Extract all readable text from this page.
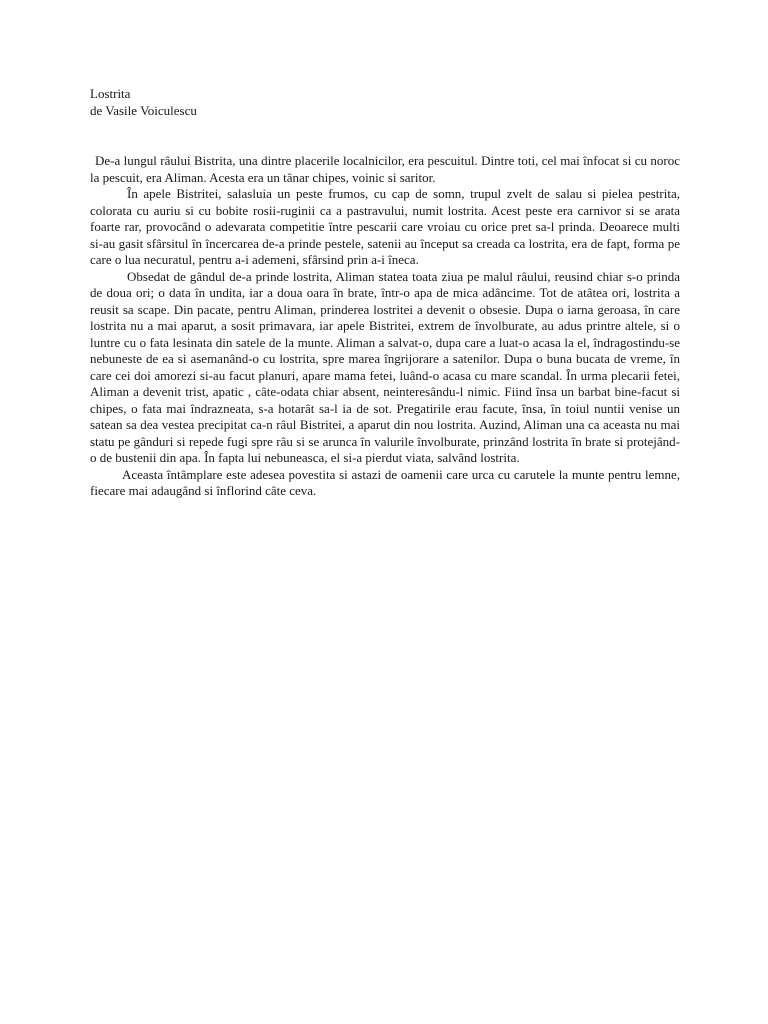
Lostrita
de Vasile Voiculescu

De-a lungul râului Bistrita, una dintre placerile localnicilor, era pescuitul. Dintre toti, cel mai înfocat si cu noroc la pescuit, era Aliman. Acesta era un tânar chipes, voinic si saritor.

În apele Bistritei, salasluia un peste frumos, cu cap de somn, trupul zvelt de salau si pielea pestrita, colorata cu auriu si cu bobite rosii-ruginii ca a pastravului, numit lostrita. Acest peste era carnivor si se arata foarte rar, provocând o adevarata competitie între pescarii care vroiau cu orice pret sa-l prinda. Deoarece multi si-au gasit sfârsitul în încercarea de-a prinde pestele, satenii au început sa creada ca lostrita, era de fapt, forma pe care o lua necuratul, pentru a-i ademeni, sfârsind prin a-i îneca.

Obsedat de gândul de-a prinde lostrita, Aliman statea toata ziua pe malul râului, reusind chiar s-o prinda de doua ori; o data în undita, iar a doua oara în brate, într-o apa de mica adâncime. Tot de atâtea ori, lostrita a reusit sa scape. Din pacate, pentru Aliman, prinderea lostritei a devenit o obsesie. Dupa o iarna geroasa, în care lostrita nu a mai aparut, a sosit primavara, iar apele Bistritei, extrem de învolburate, au adus printre altele, si o luntre cu o fata lesinata din satele de la munte. Aliman a salvat-o, dupa care a luat-o acasa la el, îndragostindu-se nebuneste de ea si asemanând-o cu lostrita, spre marea îngrijorare a satenilor. Dupa o buna bucata de vreme, în care cei doi amorezi si-au facut planuri, apare mama fetei, luând-o acasa cu mare scandal. În urma plecarii fetei, Aliman a devenit trist, apatic , câte-odata chiar absent, neinteresându-l nimic. Fiind însa un barbat bine-facut si chipes, o fata mai îndrazneata, s-a hotarât sa-l ia de sot. Pregatirile erau facute, însa, în toiul nuntii venise un satean sa dea vestea precipitat ca-n râul Bistritei, a aparut din nou lostrita. Auzind, Aliman una ca aceasta nu mai statu pe gânduri si repede fugi spre râu si se arunca în valurile învolburate, prinzând lostrita în brate si protejând-o de bustenii din apa. În fapta lui nebuneasca, el si-a pierdut viata, salvând lostrita.

Aceasta întâmplare este adesea povestita si astazi de oamenii care urca cu carutele la munte pentru lemne, fiecare mai adaugând si înflorind câte ceva.
